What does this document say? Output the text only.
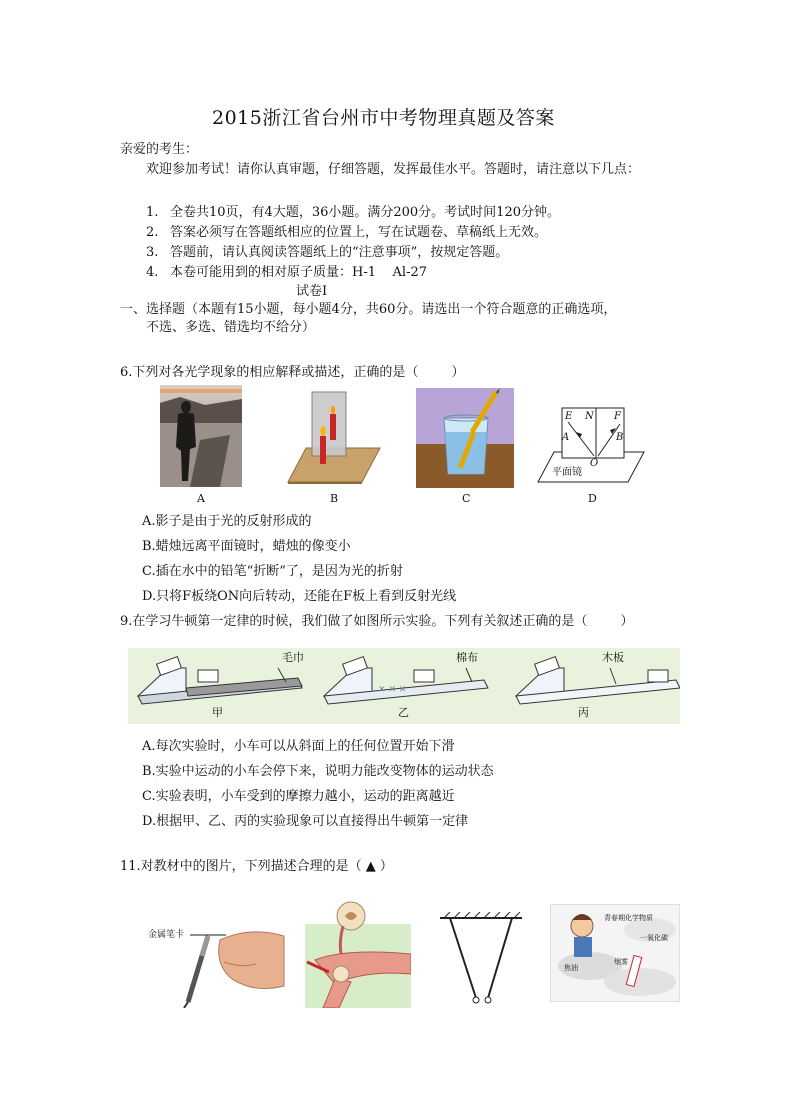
2015浙江省台州市中考物理真题及答案
亲爱的考生：
欢迎参加考试！请你认真审题，仔细答题，发挥最佳水平。答题时，请注意以下几点：
1. 全卷共10页，有4大题，36小题。满分200分。考试时间120分钟。
2. 答案必须写在答题纸相应的位置上，写在试题卷、草稿纸上无效。
3. 答题前，请认真阅读答题纸上的“注意事项”，按规定答题。
4. 本卷可能用到的相对原子质量：H-1    Al-27
试卷Ⅰ
一、选择题（本题有15小题，每小题4分，共60分。请选出一个符合题意的正确选项，
不选、多选、错选均不给分）
6.下列对各光学现象的相应解释或描述，正确的是（        ）
A	B	C
E N F
A	B
O
平面镜
D
A.影子是由于光的反射形成的
B.蜡烛远离平面镜时，蜡烛的像变小
C.插在水中的铅笔“折断”了，是因为光的折射
D.只将F板绕ON向后转动，还能在F板上看到反射光线
9.在学习牛顿第一定律的时候，我们做了如图所示实验。下列有关叙述正确的是（        ）
✕ ✕ ✕
毛巾	棉布	木板
甲	乙	丙
A.每次实验时，小车可以从斜面上的任何位置开始下滑
B.实验中运动的小车会停下来，说明力能改变物体的运动状态
C.实验表明，小车受到的摩擦力越小，运动的距离越近
D.根据甲、乙、丙的实验现象可以直接得出牛顿第一定律
11.对教材中的图片，下列描述合理的是（ ▲ ）
金属笔卡
青春期化学物质
一氧化碳
烟雾
焦油
